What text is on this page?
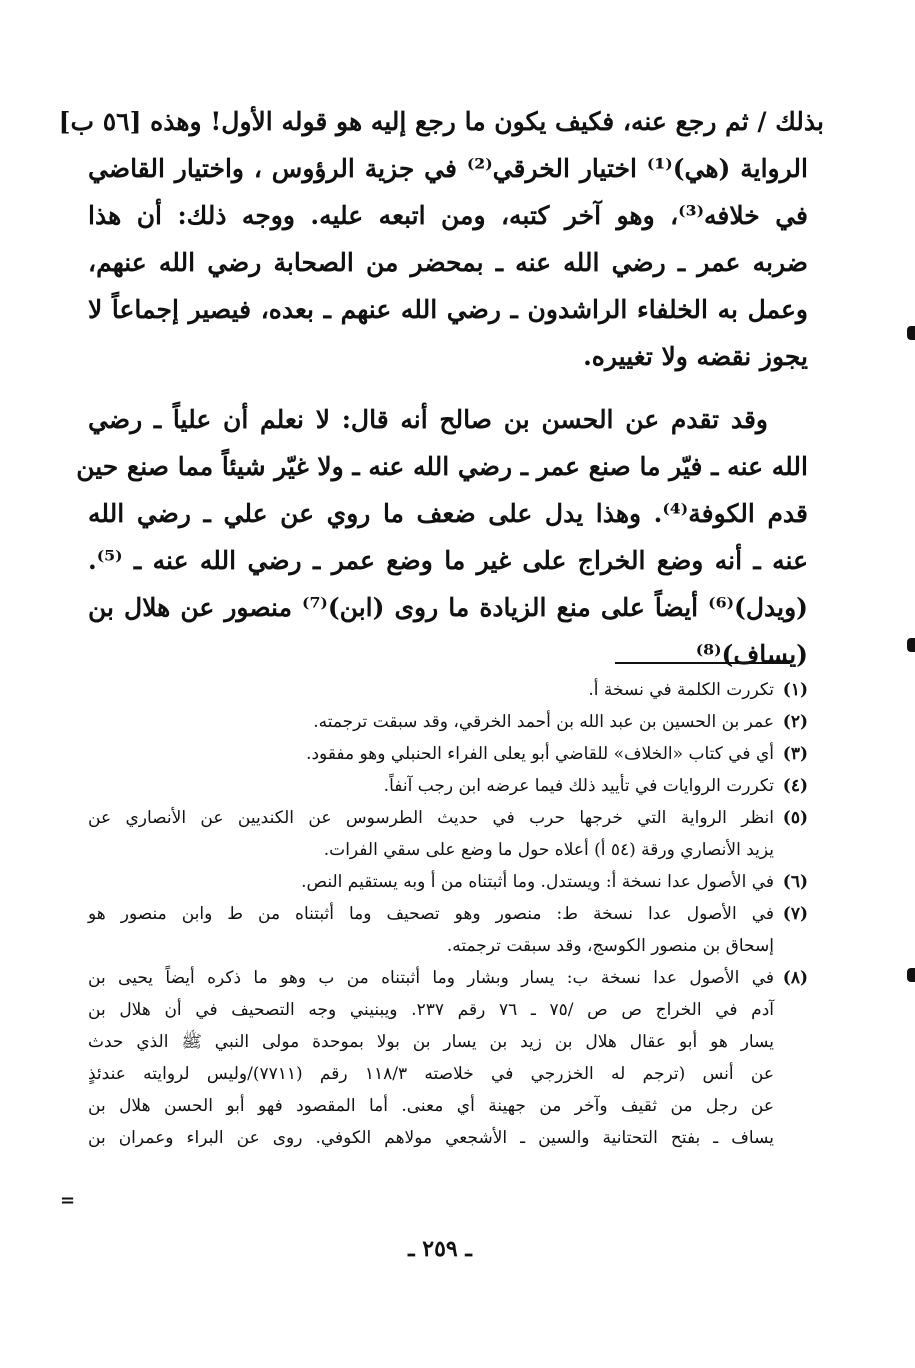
بذلك / ثم رجع عنه، فكيف يكون ما رجع إليه هو قوله الأول! وهذه [٥٦ ب]
الرواية (هي)⁽¹⁾ اختيار الخرقي⁽²⁾ في جزية الرؤوس ، واختيار القاضي
في خلافه⁽³⁾، وهو آخر كتبه، ومن اتبعه عليه. ووجه ذلك: أن هذا
ضربه عمر ـ رضي الله عنه ـ بمحضر من الصحابة رضي الله عنهم،
وعمل به الخلفاء الراشدون ـ رضي الله عنهم ـ بعده، فيصير إجماعاً لا
يجوز نقضه ولا تغييره.
وقد تقدم عن الحسن بن صالح أنه قال: لا نعلم أن علياً ـ رضي
الله عنه ـ فيّر ما صنع عمر ـ رضي الله عنه ـ ولا غيّر شيئاً مما صنع حين
قدم الكوفة⁽⁴⁾. وهذا يدل على ضعف ما روي عن علي ـ رضي الله
عنه ـ أنه وضع الخراج على غير ما وضع عمر ـ رضي الله عنه ـ ⁽⁵⁾.
(ويدل)⁽⁶⁾ أيضاً على منع الزيادة ما روى (ابن)⁽⁷⁾ منصور عن هلال بن
(يساف)⁽⁸⁾
(١)
تكررت الكلمة في نسخة أ.
(٢)
عمر بن الحسين بن عبد الله بن أحمد الخرقي، وقد سبقت ترجمته.
(٣)
أي في كتاب «الخلاف» للقاضي أبو يعلى الفراء الحنبلي وهو مفقود.
(٤)
تكررت الروايات في تأييد ذلك فيما عرضه ابن رجب آنفاً.
(٥)
انظر الرواية التي خرجها حرب في حديث الطرسوس عن الكنديين عن الأنصاري عن
يزيد الأنصاري ورقة (٥٤ أ) أعلاه حول ما وضع على سقي الفرات.
(٦)
في الأصول عدا نسخة أ: ويستدل. وما أثبتناه من أ وبه يستقيم النص.
(٧)
في الأصول عدا نسخة ط: منصور وهو تصحيف وما أثبتناه من ط وابن منصور هو
إسحاق بن منصور الكوسج، وقد سبقت ترجمته.
(٨)
في الأصول عدا نسخة ب: يسار وبشار وما أثبتناه من ب وهو ما ذكره أيضاً يحيى بن
آدم في الخراج ص ص /٧٥ ـ ٧٦ رقم ٢٣٧. ويبنيني وجه التصحيف في أن هلال بن
يسار هو أبو عقال هلال بن زيد بن يسار بن بولا بموحدة مولى النبي ﷺ الذي حدث
عن أنس (ترجم له الخزرجي في خلاصته ١١٨/٣ رقم (٧٧١١)/وليس لروايته عندئذٍ
عن رجل من ثقيف وآخر من جهينة أي معنى. أما المقصود فهو أبو الحسن هلال بن
يساف ـ بفتح التحتانية والسين ـ الأشجعي مولاهم الكوفي. روى عن البراء وعمران بن
=
ـ ٢٥٩ ـ
